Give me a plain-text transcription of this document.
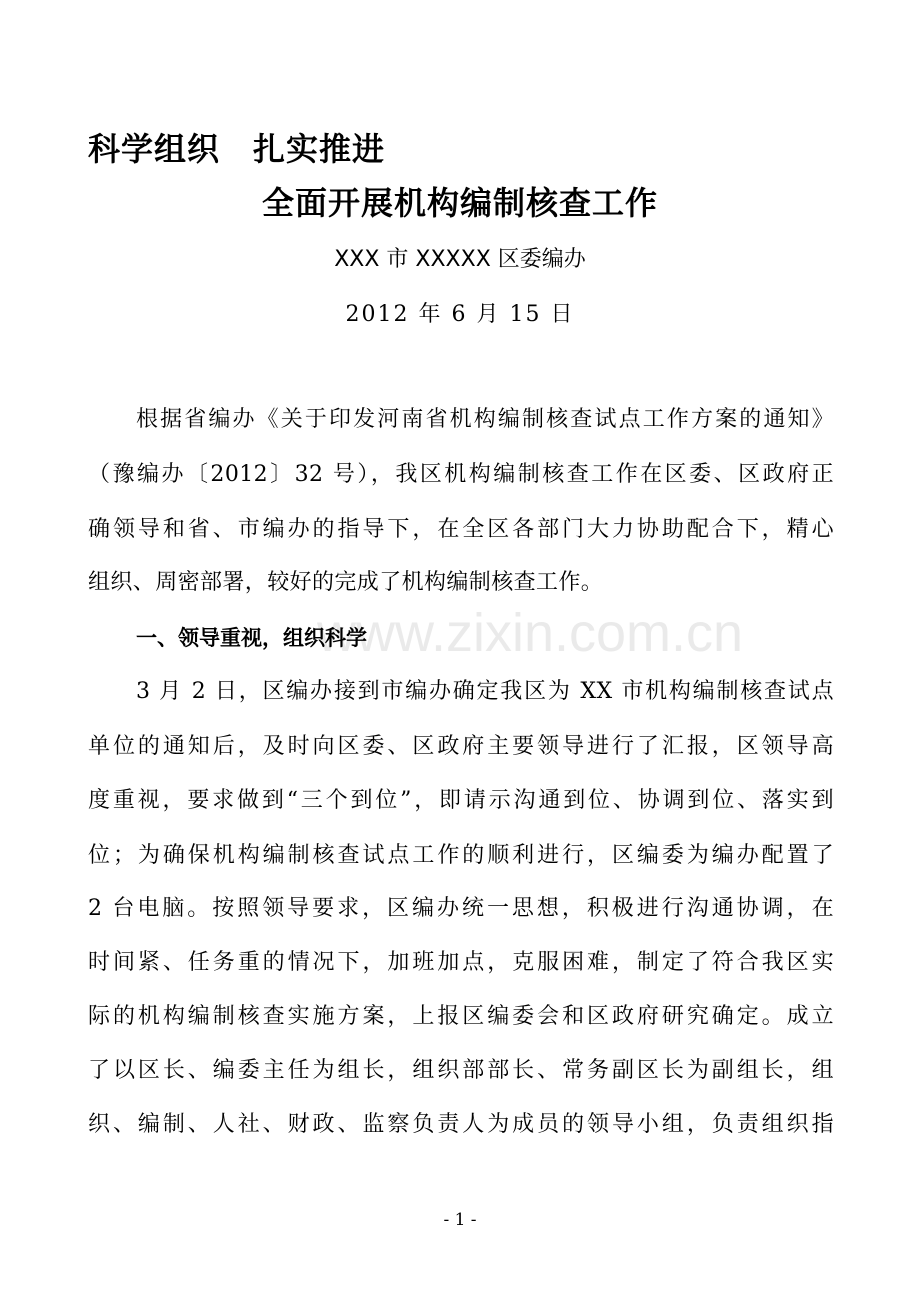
科学组织　扎实推进
全面开展机构编制核查工作
XXX 市 XXXXX 区委编办
2012 年 6 月 15 日
根据省编办《关于印发河南省机构编制核查试点工作方案的通知》
（豫编办〔2012〕32 号），我区机构编制核查工作在区委、区政府正
确领导和省、市编办的指导下，在全区各部门大力协助配合下，精心
组织、周密部署，较好的完成了机构编制核查工作。
www.zixin.com.cn
一、领导重视，组织科学
3 月 2 日，区编办接到市编办确定我区为 XX 市机构编制核查试点
单位的通知后，及时向区委、区政府主要领导进行了汇报，区领导高
度重视，要求做到“三个到位”，即请示沟通到位、协调到位、落实到
位；为确保机构编制核查试点工作的顺利进行，区编委为编办配置了
2 台电脑。按照领导要求，区编办统一思想，积极进行沟通协调，在
时间紧、任务重的情况下，加班加点，克服困难，制定了符合我区实
际的机构编制核查实施方案，上报区编委会和区政府研究确定。成立
了以区长、编委主任为组长，组织部部长、常务副区长为副组长，组
织、编制、人社、财政、监察负责人为成员的领导小组，负责组织指
- 1 -
